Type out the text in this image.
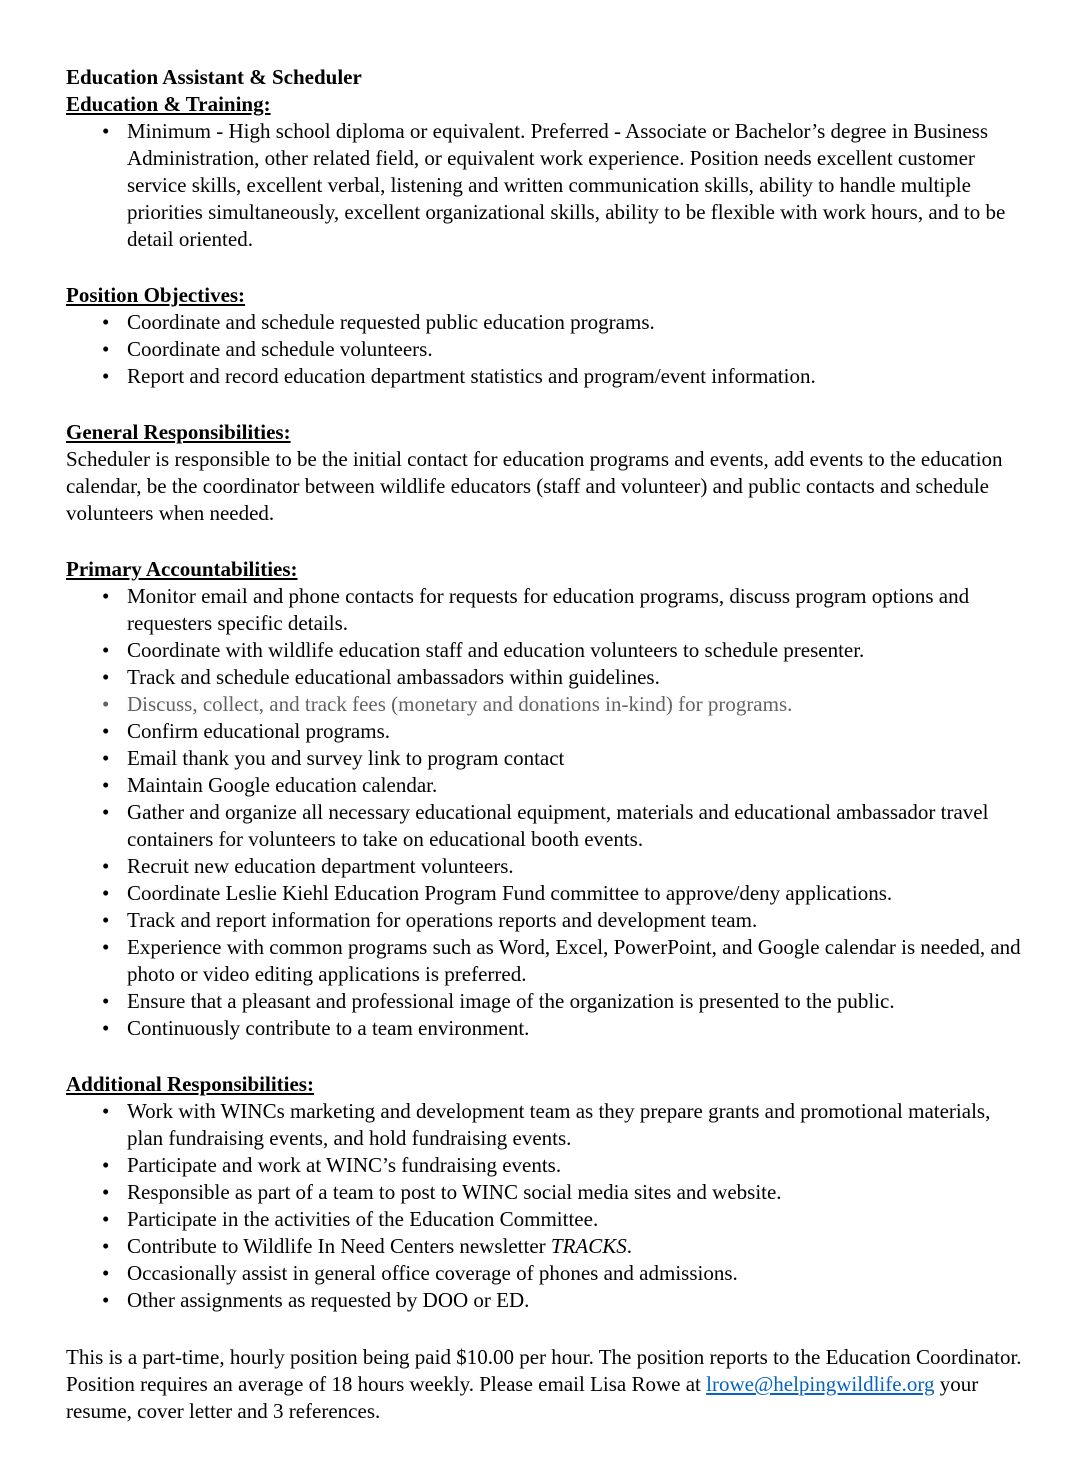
Education Assistant & Scheduler
Education & Training:
• Minimum - High school diploma or equivalent. Preferred - Associate or Bachelor’s degree in Business Administration, other related field, or equivalent work experience. Position needs excellent customer service skills, excellent verbal, listening and written communication skills, ability to handle multiple priorities simultaneously, excellent organizational skills, ability to be flexible with work hours, and to be detail oriented.
Position Objectives:
• Coordinate and schedule requested public education programs.
• Coordinate and schedule volunteers.
• Report and record education department statistics and program/event information.
General Responsibilities:

Scheduler is responsible to be the initial contact for education programs and events, add events to the education calendar, be the coordinator between wildlife educators (staff and volunteer) and public contacts and schedule volunteers when needed.

Primary Accountabilities:
• Monitor email and phone contacts for requests for education programs, discuss program options and requesters specific details.
• Coordinate with wildlife education staff and education volunteers to schedule presenter.
• Track and schedule educational ambassadors within guidelines.
• Discuss, collect, and track fees (monetary and donations in-kind) for programs.
• Confirm educational programs.
• Email thank you and survey link to program contact
• Maintain Google education calendar.
• Gather and organize all necessary educational equipment, materials and educational ambassador travel containers for volunteers to take on educational booth events.
• Recruit new education department volunteers.
• Coordinate Leslie Kiehl Education Program Fund committee to approve/deny applications.
• Track and report information for operations reports and development team.
• Experience with common programs such as Word, Excel, PowerPoint, and Google calendar is needed, and photo or video editing applications is preferred.
• Ensure that a pleasant and professional image of the organization is presented to the public.
• Continuously contribute to a team environment.
Additional Responsibilities:
• Work with WINCs marketing and development team as they prepare grants and promotional materials, plan fundraising events, and hold fundraising events.
• Participate and work at WINC’s fundraising events.
• Responsible as part of a team to post to WINC social media sites and website.
• Participate in the activities of the Education Committee.
• Contribute to Wildlife In Need Centers newsletter TRACKS.
• Occasionally assist in general office coverage of phones and admissions.
• Other assignments as requested by DOO or ED.

This is a part-time, hourly position being paid $10.00 per hour. The position reports to the Education Coordinator. Position requires an average of 18 hours weekly. Please email Lisa Rowe at lrowe@helpingwildlife.org your resume, cover letter and 3 references.
